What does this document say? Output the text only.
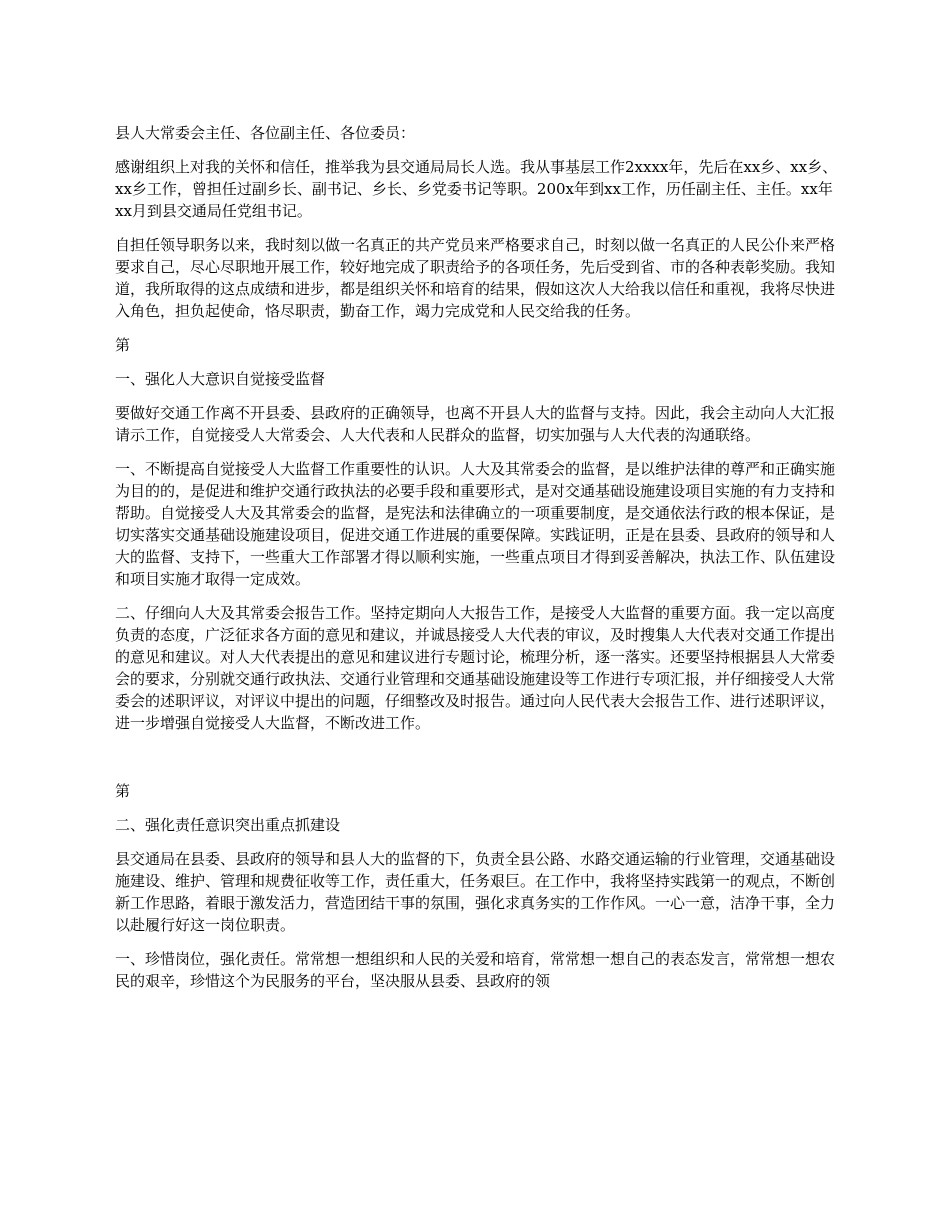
县人大常委会主任、各位副主任、各位委员：

感谢组织上对我的关怀和信任，推举我为县交通局局长人选。我从事基层工作2xxxx年，先后在xx乡、xx乡、xx乡工作，曾担任过副乡长、副书记、乡长、乡党委书记等职。200x年到xx工作，历任副主任、主任。xx年xx月到县交通局任党组书记。

自担任领导职务以来，我时刻以做一名真正的共产党员来严格要求自己，时刻以做一名真正的人民公仆来严格要求自己，尽心尽职地开展工作，较好地完成了职责给予的各项任务，先后受到省、市的各种表彰奖励。我知道，我所取得的这点成绩和进步，都是组织关怀和培育的结果，假如这次人大给我以信任和重视，我将尽快进入角色，担负起使命，恪尽职责，勤奋工作，竭力完成党和人民交给我的任务。

第

一、强化人大意识自觉接受监督

要做好交通工作离不开县委、县政府的正确领导，也离不开县人大的监督与支持。因此，我会主动向人大汇报请示工作，自觉接受人大常委会、人大代表和人民群众的监督，切实加强与人大代表的沟通联络。

一、不断提高自觉接受人大监督工作重要性的认识。人大及其常委会的监督，是以维护法律的尊严和正确实施为目的的，是促进和维护交通行政执法的必要手段和重要形式，是对交通基础设施建设项目实施的有力支持和帮助。自觉接受人大及其常委会的监督，是宪法和法律确立的一项重要制度，是交通依法行政的根本保证，是切实落实交通基础设施建设项目，促进交通工作进展的重要保障。实践证明，正是在县委、县政府的领导和人大的监督、支持下，一些重大工作部署才得以顺利实施，一些重点项目才得到妥善解决，执法工作、队伍建设和项目实施才取得一定成效。

二、仔细向人大及其常委会报告工作。坚持定期向人大报告工作，是接受人大监督的重要方面。我一定以高度负责的态度，广泛征求各方面的意见和建议，并诚恳接受人大代表的审议，及时搜集人大代表对交通工作提出的意见和建议。对人大代表提出的意见和建议进行专题讨论，梳理分析，逐一落实。还要坚持根据县人大常委会的要求，分别就交通行政执法、交通行业管理和交通基础设施建设等工作进行专项汇报，并仔细接受人大常委会的述职评议，对评议中提出的问题，仔细整改及时报告。通过向人民代表大会报告工作、进行述职评议，进一步增强自觉接受人大监督，不断改进工作。

第

二、强化责任意识突出重点抓建设

县交通局在县委、县政府的领导和县人大的监督的下，负责全县公路、水路交通运输的行业管理，交通基础设施建设、维护、管理和规费征收等工作，责任重大，任务艰巨。在工作中，我将坚持实践第一的观点，不断创新工作思路，着眼于激发活力，营造团结干事的氛围，强化求真务实的工作作风。一心一意，洁净干事，全力以赴履行好这一岗位职责。

一、珍惜岗位，强化责任。常常想一想组织和人民的关爱和培育，常常想一想自己的表态发言，常常想一想农民的艰辛，珍惜这个为民服务的平台，坚决服从县委、县政府的领
